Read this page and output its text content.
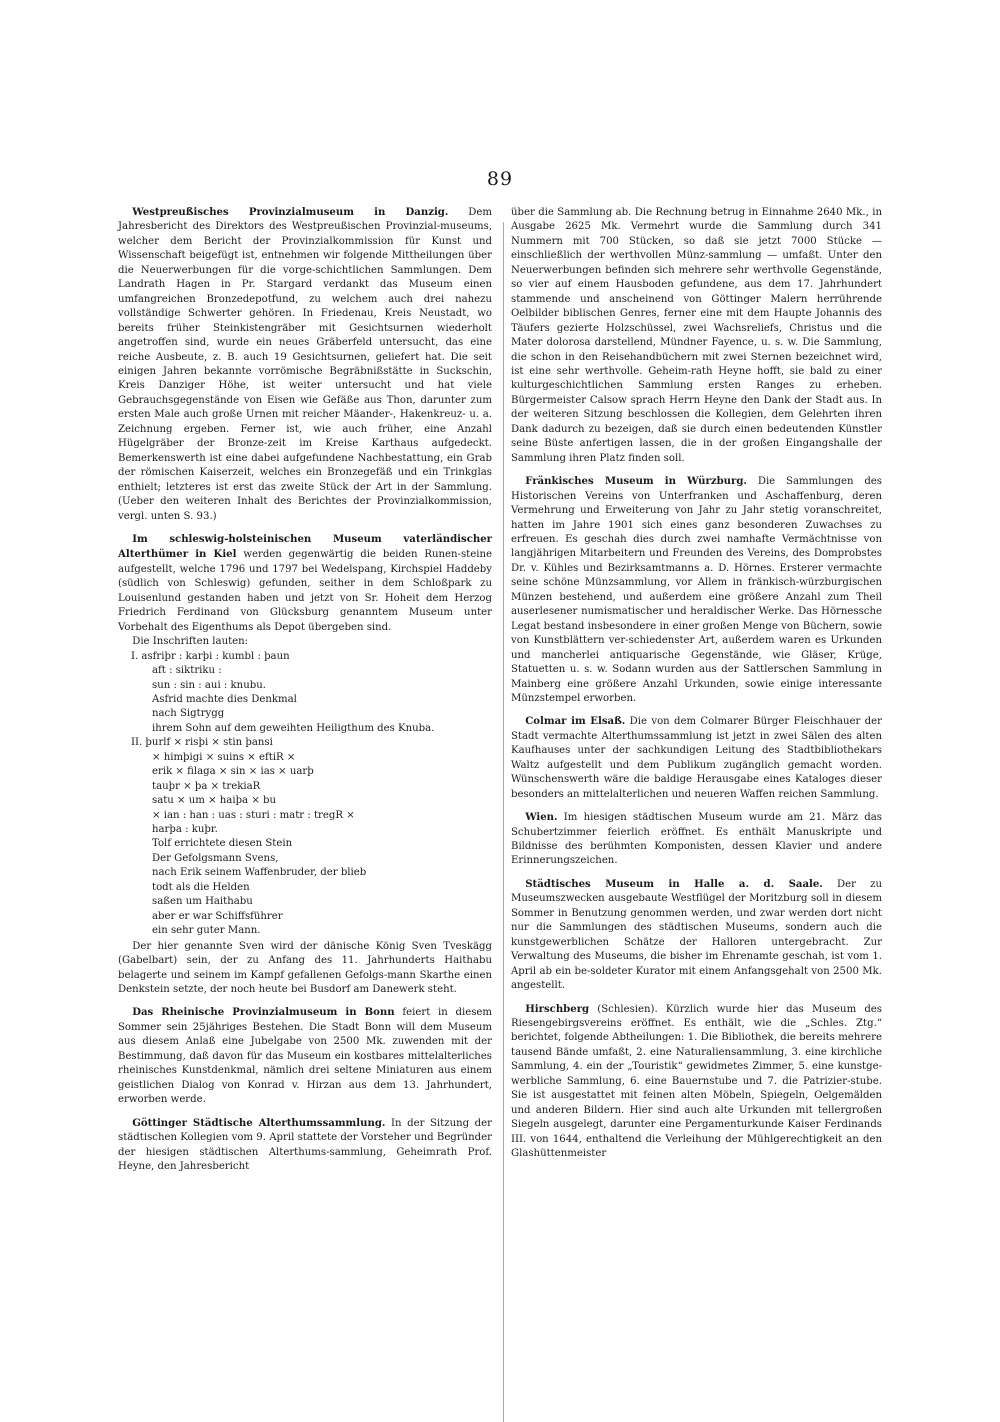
89

Westpreußisches Provinzialmuseum in Danzig. Dem Jahresbericht des Direktors des Westpreußischen Provinzial-museums, welcher dem Bericht der Provinzialkommission für Kunst und Wissenschaft beigefügt ist, entnehmen wir folgende Mittheilungen über die Neuerwerbungen für die vorge-schichtlichen Sammlungen. Dem Landrath Hagen in Pr. Stargard verdankt das Museum einen umfangreichen Bronzedepotfund, zu welchem auch drei nahezu vollständige Schwerter gehören. In Friedenau, Kreis Neustadt, wo bereits früher Steinkistengräber mit Gesichtsurnen wiederholt angetroffen sind, wurde ein neues Gräberfeld untersucht, das eine reiche Ausbeute, z. B. auch 19 Gesichtsurnen, geliefert hat. Die seit einigen Jahren bekannte vorrömische Begräbnißstätte in Suckschin, Kreis Danziger Höhe, ist weiter untersucht und hat viele Gebrauchsgegenstände von Eisen wie Gefäße aus Thon, darunter zum ersten Male auch große Urnen mit reicher Mäander-, Hakenkreuz- u. a. Zeichnung ergeben. Ferner ist, wie auch früher, eine Anzahl Hügelgräber der Bronze-zeit im Kreise Karthaus aufgedeckt. Bemerkenswerth ist eine dabei aufgefundene Nachbestattung, ein Grab der römischen Kaiserzeit, welches ein Bronzegefäß und ein Trinkglas enthielt; letzteres ist erst das zweite Stück der Art in der Sammlung. (Ueber den weiteren Inhalt des Berichtes der Provinzialkommission, vergl. unten S. 93.)

Im schleswig-holsteinischen Museum vaterländischer Alterthümer in Kiel werden gegenwärtig die beiden Runen-steine aufgestellt, welche 1796 und 1797 bei Wedelspang, Kirchspiel Haddeby (südlich von Schleswig) gefunden, seither in dem Schloßpark zu Louisenlund gestanden haben und jetzt von Sr. Hoheit dem Herzog Friedrich Ferdinand von Glücksburg genanntem Museum unter Vorbehalt des Eigenthums als Depot übergeben sind.

Die Inschriften lauten:

I. asfriþr : karþi : kumbl : þaun

aft : siktriku :

sun : sin : aui : knubu.

Asfrid machte dies Denkmal

nach Sigtrygg

ihrem Sohn auf dem geweihten Heiligthum des Knuba.

II. þurlf × risþi × stin þansi

× himþigi × suins × eftiR ×

erik × filaga × sin × ias × uarþ

tauþr × þa × trekiaR

satu × um × haiþa × bu

× ian : han : uas : sturi : matr : tregR ×

harþa : kuþr.

Tolf errichtete diesen Stein

Der Gefolgsmann Svens,

nach Erik seinem Waffenbruder, der blieb

todt als die Helden

saßen um Haithabu

aber er war Schiffsführer

ein sehr guter Mann.

Der hier genannte Sven wird der dänische König Sven Tveskägg (Gabelbart) sein, der zu Anfang des 11. Jahrhunderts Haithabu belagerte und seinem im Kampf gefallenen Gefolgs-mann Skarthe einen Denkstein setzte, der noch heute bei Busdorf am Danewerk steht.

Das Rheinische Provinzialmuseum in Bonn feiert in diesem Sommer sein 25jähriges Bestehen. Die Stadt Bonn will dem Museum aus diesem Anlaß eine Jubelgabe von 2500 Mk. zuwenden mit der Bestimmung, daß davon für das Museum ein kostbares mittelalterliches rheinisches Kunstdenkmal, nämlich drei seltene Miniaturen aus einem geistlichen Dialog von Konrad v. Hirzan aus dem 13. Jahrhundert, erworben werde.

Göttinger Städtische Alterthumssammlung. In der Sitzung der städtischen Kollegien vom 9. April stattete der Vorsteher und Begründer der hiesigen städtischen Alterthums-sammlung, Geheimrath Prof. Heyne, den Jahresbericht

über die Sammlung ab. Die Rechnung betrug in Einnahme 2640 Mk., in Ausgabe 2625 Mk. Vermehrt wurde die Sammlung durch 341 Nummern mit 700 Stücken, so daß sie jetzt 7000 Stücke — einschließlich der werthvollen Münz-sammlung — umfaßt. Unter den Neuerwerbungen befinden sich mehrere sehr werthvolle Gegenstände, so vier auf einem Hausboden gefundene, aus dem 17. Jahrhundert stammende und anscheinend von Göttinger Malern herrührende Oelbilder biblischen Genres, ferner eine mit dem Haupte Johannis des Täufers gezierte Holzschüssel, zwei Wachsreliefs, Christus und die Mater dolorosa darstellend, Mündner Fayence, u. s. w. Die Sammlung, die schon in den Reisehandbüchern mit zwei Sternen bezeichnet wird, ist eine sehr werthvolle. Geheim-rath Heyne hofft, sie bald zu einer kulturgeschichtlichen Sammlung ersten Ranges zu erheben. Bürgermeister Calsow sprach Herrn Heyne den Dank der Stadt aus. In der weiteren Sitzung beschlossen die Kollegien, dem Gelehrten ihren Dank dadurch zu bezeigen, daß sie durch einen bedeutenden Künstler seine Büste anfertigen lassen, die in der großen Eingangshalle der Sammlung ihren Platz finden soll.

Fränkisches Museum in Würzburg. Die Sammlungen des Historischen Vereins von Unterfranken und Aschaffenburg, deren Vermehrung und Erweiterung von Jahr zu Jahr stetig voranschreitet, hatten im Jahre 1901 sich eines ganz besonderen Zuwachses zu erfreuen. Es geschah dies durch zwei namhafte Vermächtnisse von langjährigen Mitarbeitern und Freunden des Vereins, des Domprobstes Dr. v. Kühles und Bezirksamtmanns a. D. Hörnes. Ersterer vermachte seine schöne Münzsammlung, vor Allem in fränkisch-würzburgischen Münzen bestehend, und außerdem eine größere Anzahl zum Theil auserlesener numismatischer und heraldischer Werke. Das Hörnessche Legat bestand insbesondere in einer großen Menge von Büchern, sowie von Kunstblättern ver-schiedenster Art, außerdem waren es Urkunden und mancherlei antiquarische Gegenstände, wie Gläser, Krüge, Statuetten u. s. w. Sodann wurden aus der Sattlerschen Sammlung in Mainberg eine größere Anzahl Urkunden, sowie einige interessante Münzstempel erworben.

Colmar im Elsaß. Die von dem Colmarer Bürger Fleischhauer der Stadt vermachte Alterthumssammlung ist jetzt in zwei Sälen des alten Kaufhauses unter der sachkundigen Leitung des Stadtbibliothekars Waltz aufgestellt und dem Publikum zugänglich gemacht worden. Wünschenswerth wäre die baldige Herausgabe eines Kataloges dieser besonders an mittelalterlichen und neueren Waffen reichen Sammlung.

Wien. Im hiesigen städtischen Museum wurde am 21. März das Schubertzimmer feierlich eröffnet. Es enthält Manuskripte und Bildnisse des berühmten Komponisten, dessen Klavier und andere Erinnerungszeichen.

Städtisches Museum in Halle a. d. Saale. Der zu Museumszwecken ausgebaute Westflügel der Moritzburg soll in diesem Sommer in Benutzung genommen werden, und zwar werden dort nicht nur die Sammlungen des städtischen Museums, sondern auch die kunstgewerblichen Schätze der Halloren untergebracht. Zur Verwaltung des Museums, die bisher im Ehrenamte geschah, ist vom 1. April ab ein be-soldeter Kurator mit einem Anfangsgehalt von 2500 Mk. angestellt.

Hirschberg (Schlesien). Kürzlich wurde hier das Museum des Riesengebirgsvereins eröffnet. Es enthält, wie die „Schles. Ztg.“ berichtet, folgende Abtheilungen: 1. Die Bibliothek, die bereits mehrere tausend Bände umfaßt, 2. eine Naturaliensammlung, 3. eine kirchliche Sammlung, 4. ein der „Touristik“ gewidmetes Zimmer, 5. eine kunstge-werbliche Sammlung, 6. eine Bauernstube und 7. die Patrizier-stube. Sie ist ausgestattet mit feinen alten Möbeln, Spiegeln, Oelgemälden und anderen Bildern. Hier sind auch alte Urkunden mit tellergroßen Siegeln ausgelegt, darunter eine Pergamenturkunde Kaiser Ferdinands III. von 1644, enthaltend die Verleihung der Mühlgerechtigkeit an den Glashüttenmeister
